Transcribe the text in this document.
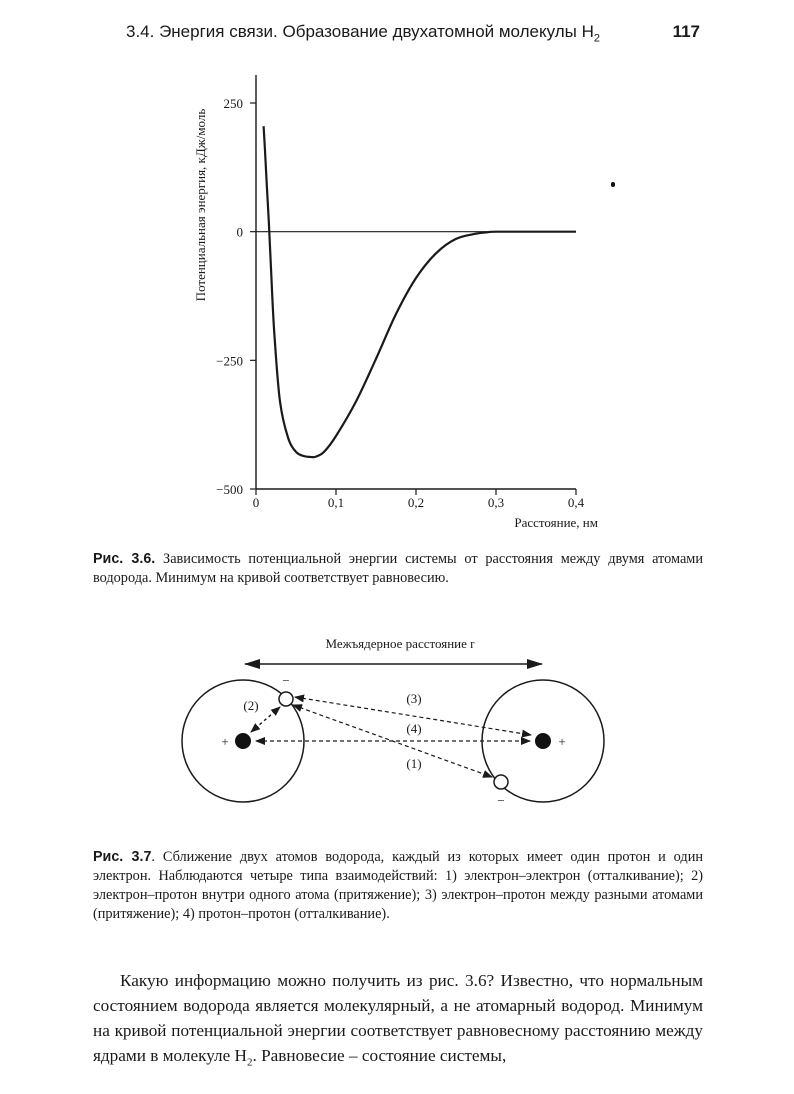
3.4. Энергия связи. Образование двухатомной молекулы $H_2$	117
Потенциальная энергия, кДж/моль
Расстояние, нм
250
0
−250
−500
0	0,1	0,2	0,3	0,4
Рис. 3.6. Зависимость потенциальной энергии системы от расстояния между двумя атомами водорода. Минимум на кривой соответствует равновесию.
Межъядерное расстояние r
+	+
−
−
(2)	(3)
(4)
(1)
Рис. 3.7. Сближение двух атомов водорода, каждый из которых имеет один протон и один электрон. Наблюдаются четыре типа взаимодействий: 1) электрон–электрон (отталкивание); 2) электрон–протон внутри одного атома (притяжение); 3) электрон–протон между разными атомами (притяжение); 4) протон–протон (отталкивание).
Какую информацию можно получить из рис. 3.6? Известно, что нормальным состоянием водорода является молекулярный, а не атомарный водород. Минимум на кривой потенциальной энергии соответствует равновесному расстоянию между ядрами в молекуле $H_2$. Равновесие – состояние системы,
